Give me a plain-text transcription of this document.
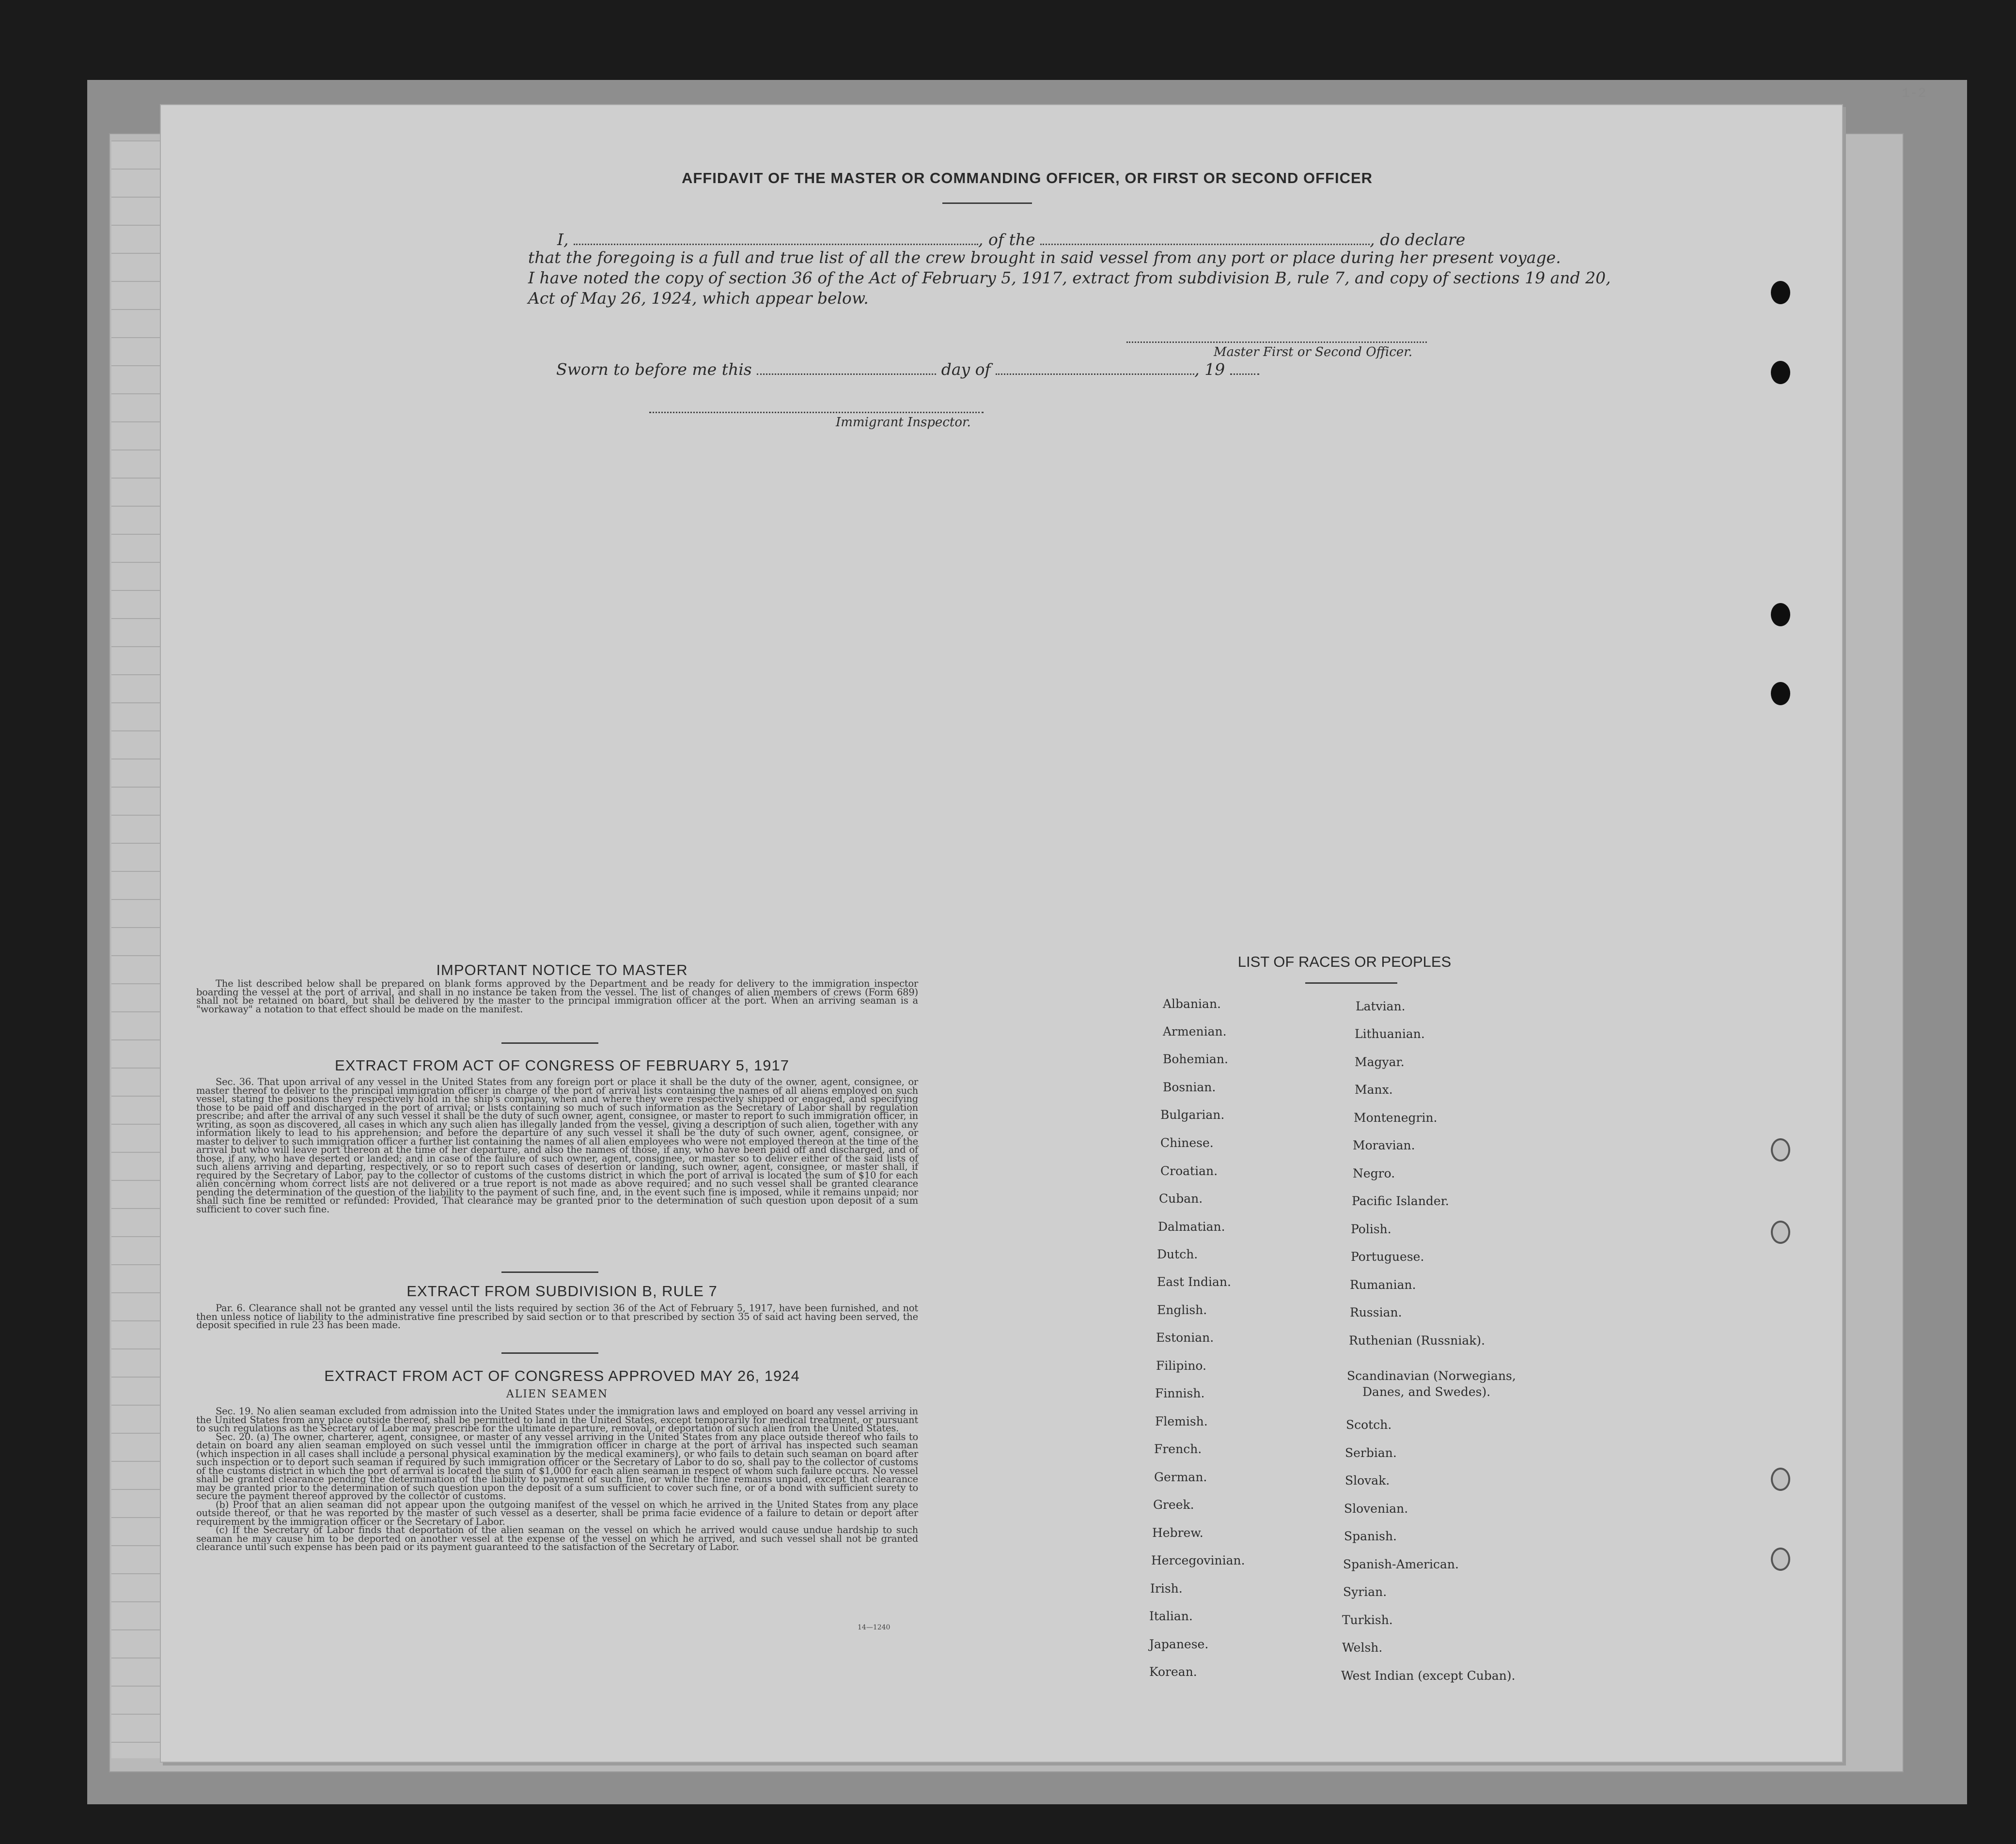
1-2
AFFIDAVIT OF THE MASTER OR COMMANDING OFFICER, OR FIRST OR SECOND OFFICER
I,	, of the	, do declare
that the foregoing is a full and true list of all the crew brought in said vessel from any port or place during her present voyage.
I have noted the copy of section 36 of the Act of February 5, 1917, extract from subdivision B, rule 7, and copy of sections 19 and 20,
Act of May 26, 1924, which appear below.
Master First or Second Officer.
Sworn to before me this	day of	, 19
Immigrant Inspector.
IMPORTANT NOTICE TO MASTER

The list described below shall be prepared on blank forms approved by the Department and be ready for delivery to the immigration inspector boarding the vessel at the port of arrival, and shall in no instance be taken from the vessel. The list of changes of alien members of crews (Form 689) shall not be retained on board, but shall be delivered by the master to the principal immigration officer at the port. When an arriving seaman is a "workaway" a notation to that effect should be made on the manifest.

EXTRACT FROM ACT OF CONGRESS OF FEBRUARY 5, 1917

Sec. 36. That upon arrival of any vessel in the United States from any foreign port or place it shall be the duty of the owner, agent, consignee, or master thereof to deliver to the principal immigration officer in charge of the port of arrival lists containing the names of all aliens employed on such vessel, stating the positions they respectively hold in the ship's company, when and where they were respectively shipped or engaged, and specifying those to be paid off and discharged in the port of arrival; or lists containing so much of such information as the Secretary of Labor shall by regulation prescribe; and after the arrival of any such vessel it shall be the duty of such owner, agent, consignee, or master to report to such immigration officer, in writing, as soon as discovered, all cases in which any such alien has illegally landed from the vessel, giving a description of such alien, together with any information likely to lead to his apprehension; and before the departure of any such vessel it shall be the duty of such owner, agent, consignee, or master to deliver to such immigration officer a further list containing the names of all alien employees who were not employed thereon at the time of the arrival but who will leave port thereon at the time of her departure, and also the names of those, if any, who have been paid off and discharged, and of those, if any, who have deserted or landed; and in case of the failure of such owner, agent, consignee, or master so to deliver either of the said lists of such aliens arriving and departing, respectively, or so to report such cases of desertion or landing, such owner, agent, consignee, or master shall, if required by the Secretary of Labor, pay to the collector of customs of the customs district in which the port of arrival is located the sum of $10 for each alien concerning whom correct lists are not delivered or a true report is not made as above required; and no such vessel shall be granted clearance pending the determination of the question of the liability to the payment of such fine, and, in the event such fine is imposed, while it remains unpaid; nor shall such fine be remitted or refunded: Provided, That clearance may be granted prior to the determination of such question upon deposit of a sum sufficient to cover such fine.

EXTRACT FROM SUBDIVISION B, RULE 7

Par. 6. Clearance shall not be granted any vessel until the lists required by section 36 of the Act of February 5, 1917, have been furnished, and not then unless notice of liability to the administrative fine prescribed by said section or to that prescribed by section 35 of said act having been served, the deposit specified in rule 23 has been made.

EXTRACT FROM ACT OF CONGRESS APPROVED MAY 26, 1924
ALIEN SEAMEN

Sec. 19. No alien seaman excluded from admission into the United States under the immigration laws and employed on board any vessel arriving in the United States from any place outside thereof, shall be permitted to land in the United States, except temporarily for medical treatment, or pursuant to such regulations as the Secretary of Labor may prescribe for the ultimate departure, removal, or deportation of such alien from the United States.

Sec. 20. (a) The owner, charterer, agent, consignee, or master of any vessel arriving in the United States from any place outside thereof who fails to detain on board any alien seaman employed on such vessel until the immigration officer in charge at the port of arrival has inspected such seaman (which inspection in all cases shall include a personal physical examination by the medical examiners), or who fails to detain such seaman on board after such inspection or to deport such seaman if required by such immigration officer or the Secretary of Labor to do so, shall pay to the collector of customs of the customs district in which the port of arrival is located the sum of $1,000 for each alien seaman in respect of whom such failure occurs. No vessel shall be granted clearance pending the determination of the liability to payment of such fine, or while the fine remains unpaid, except that clearance may be granted prior to the determination of such question upon the deposit of a sum sufficient to cover such fine, or of a bond with sufficient surety to secure the payment thereof approved by the collector of customs.

(b) Proof that an alien seaman did not appear upon the outgoing manifest of the vessel on which he arrived in the United States from any place outside thereof, or that he was reported by the master of such vessel as a deserter, shall be prima facie evidence of a failure to detain or deport after requirement by the immigration officer or the Secretary of Labor.

(c) If the Secretary of Labor finds that deportation of the alien seaman on the vessel on which he arrived would cause undue hardship to such seaman he may cause him to be deported on another vessel at the expense of the vessel on which he arrived, and such vessel shall not be granted clearance until such expense has been paid or its payment guaranteed to the satisfaction of the Secretary of Labor.

14—1240
LIST OF RACES OR PEOPLES
Albanian.
Armenian.
Bohemian.
Bosnian.
Bulgarian.
Chinese.
Croatian.
Cuban.
Dalmatian.
Dutch.
East Indian.
English.
Estonian.
Filipino.
Finnish.
Flemish.
French.
German.
Greek.
Hebrew.
Hercegovinian.
Irish.
Italian.
Japanese.
Korean.
Latvian.
Lithuanian.
Magyar.
Manx.
Montenegrin.
Moravian.
Negro.
Pacific Islander.
Polish.
Portuguese.
Rumanian.
Russian.
Ruthenian (Russniak).
Scandinavian (Norwegians,
Danes, and Swedes).
Scotch.
Serbian.
Slovak.
Slovenian.
Spanish.
Spanish-American.
Syrian.
Turkish.
Welsh.
West Indian (except Cuban).
